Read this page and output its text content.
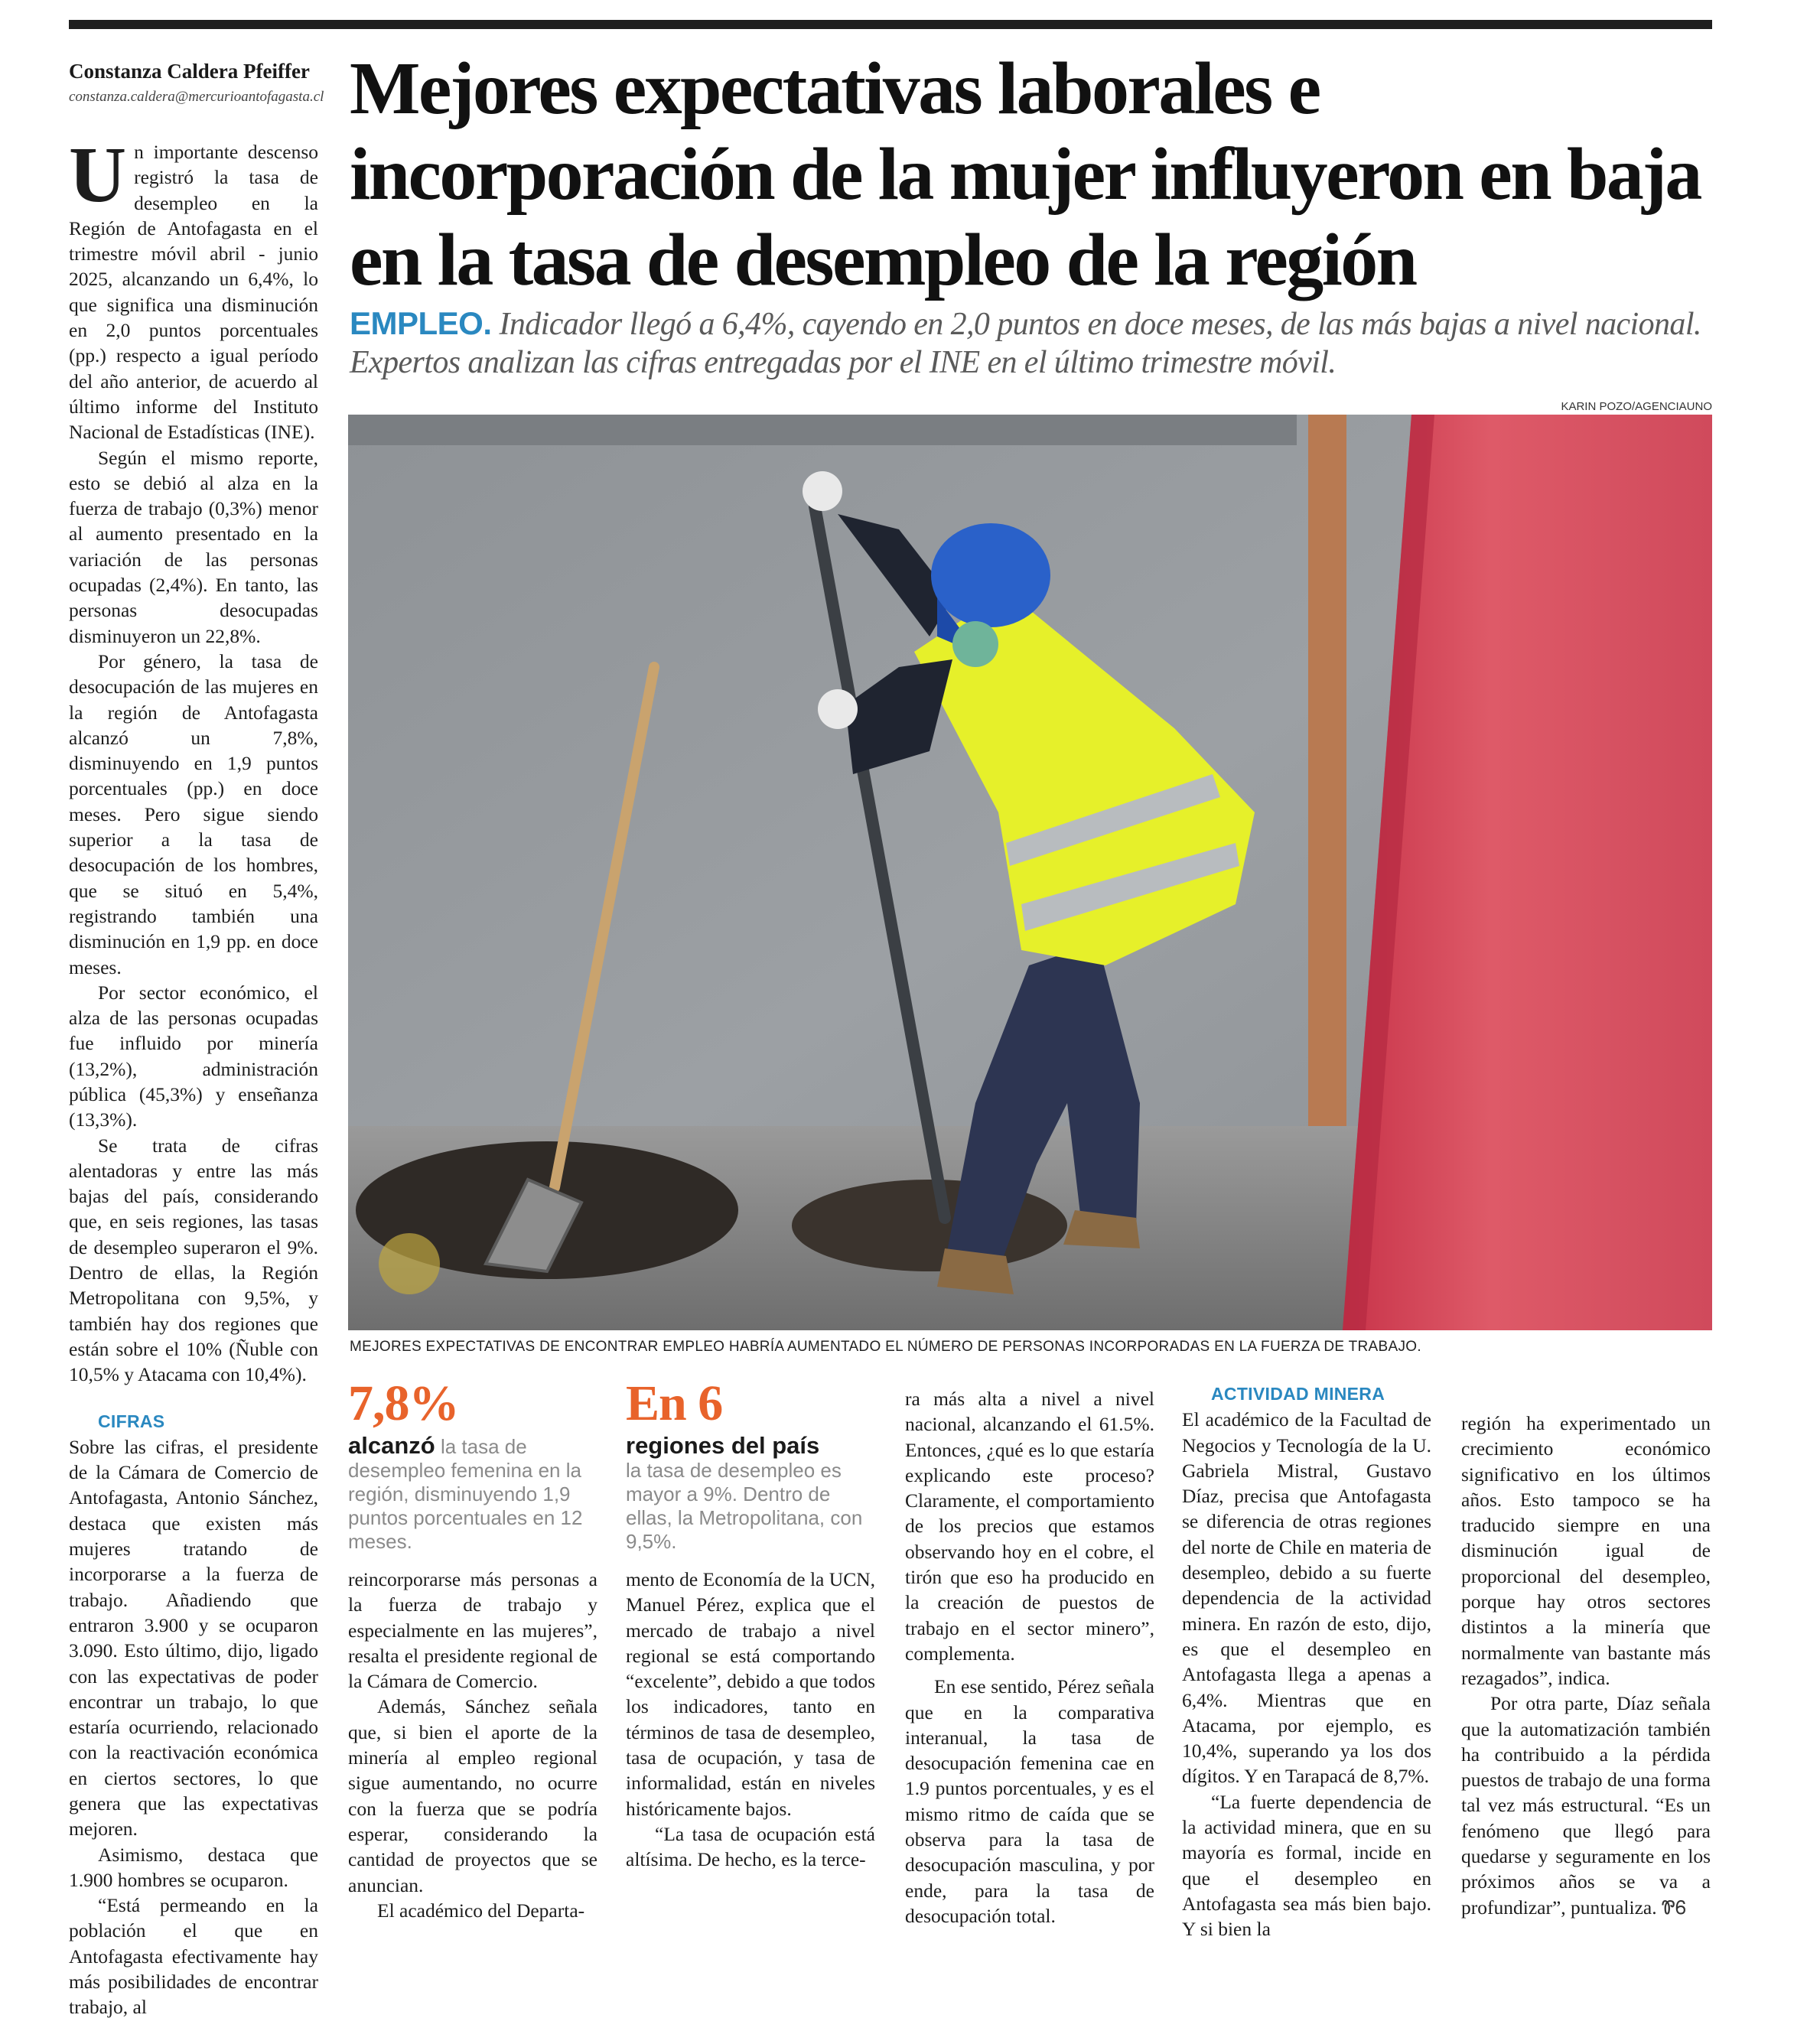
Constanza Caldera Pfeiffer
constanza.caldera@mercurioantofagasta.cl Mejores expectativas laborales e incorporación de la mujer influyeron en baja en la tasa de desempleo de la región

EMPLEO. Indicador llegó a 6,4%, cayendo en 2,0 puntos en doce meses, de las más bajas a nivel nacional. Expertos analizan las cifras entregadas por el INE en el último trimestre móvil.

KARIN POZO/AGENCIAUNO

MEJORES EXPECTATIVAS DE ENCONTRAR EMPLEO HABRÍA AUMENTADO EL NÚMERO DE PERSONAS INCORPORADAS EN LA FUERZA DE TRABAJO.

Un importante descenso registró la tasa de desempleo en la Región de Antofagasta en el trimestre móvil abril - junio 2025, alcanzando un 6,4%, lo que significa una disminución en 2,0 puntos porcentuales (pp.) respecto a igual período del año anterior, de acuerdo al último informe del Instituto Nacional de Estadísticas (INE).

Según el mismo reporte, esto se debió al alza en la fuerza de trabajo (0,3%) menor al aumento presentado en la variación de las personas ocupadas (2,4%). En tanto, las personas desocupadas disminuyeron un 22,8%.

Por género, la tasa de desocupación de las mujeres en la región de Antofagasta alcanzó un 7,8%, disminuyendo en 1,9 puntos porcentuales (pp.) en doce meses. Pero sigue siendo superior a la tasa de desocupación de los hombres, que se situó en 5,4%, registrando también una disminución en 1,9 pp. en doce meses.

Por sector económico, el alza de las personas ocupadas fue influido por minería (13,2%), administración pública (45,3%) y enseñanza (13,3%).

Se trata de cifras alentadoras y entre las más bajas del país, considerando que, en seis regiones, las tasas de desempleo superaron el 9%. Dentro de ellas, la Región Metropolitana con 9,5%, y también hay dos regiones que están sobre el 10% (Ñuble con 10,5% y Atacama con 10,4%).

CIFRAS

Sobre las cifras, el presidente de la Cámara de Comercio de Antofagasta, Antonio Sánchez, destaca que existen más mujeres tratando de incorporarse a la fuerza de trabajo. Añadiendo que entraron 3.900 y se ocuparon 3.090. Esto último, dijo, ligado con las expectativas de poder encontrar un trabajo, lo que estaría ocurriendo, relacionado con la reactivación económica en ciertos sectores, lo que genera que las expectativas mejoren.

Asimismo, destaca que 1.900 hombres se ocuparon.

“Está permeando en la población el que en Antofagasta efectivamente hay más posibilidades de encontrar trabajo, al

7,8%
alcanzó la tasa de desempleo femenina en la región, disminuyendo 1,9 puntos porcentuales en 12 meses.
En 6
regiones del país
la tasa de desempleo es mayor a 9%. Dentro de ellas, la Metropolitana, con 9,5%.

reincorporarse más personas a la fuerza de trabajo y especialmente en las mujeres”, resalta el presidente regional de la Cámara de Comercio.

Además, Sánchez señala que, si bien el aporte de la minería al empleo regional sigue aumentando, no ocurre con la fuerza que se podría esperar, considerando la cantidad de proyectos que se anuncian.

El académico del Departa-

mento de Economía de la UCN, Manuel Pérez, explica que el mercado de trabajo a nivel regional se está comportando “excelente”, debido a que todos los indicadores, tanto en términos de tasa de desempleo, tasa de ocupación, y tasa de informalidad, están en niveles históricamente bajos.

“La tasa de ocupación está altísima. De hecho, es la terce-

ra más alta a nivel a nivel nacional, alcanzando el 61.5%. Entonces, ¿qué es lo que estaría explicando este proceso? Claramente, el comportamiento de los precios que estamos observando hoy en el cobre, el tirón que eso ha producido en la creación de puestos de trabajo en el sector minero”, complementa.

En ese sentido, Pérez señala que en la comparativa interanual, la tasa de desocupación femenina cae en 1.9 puntos porcentuales, y es el mismo ritmo de caída que se observa para la tasa de desocupación masculina, y por ende, para la tasa de desocupación total.

ACTIVIDAD MINERA

El académico de la Facultad de Negocios y Tecnología de la U. Gabriela Mistral, Gustavo Díaz, precisa que Antofagasta se diferencia de otras regiones del norte de Chile en materia de desempleo, debido a su fuerte dependencia de la actividad minera. En razón de esto, dijo, es que el desempleo en Antofagasta llega a apenas a 6,4%. Mientras que en Atacama, por ejemplo, es 10,4%, superando ya los dos dígitos. Y en Tarapacá de 8,7%.

“La fuerte dependencia de la actividad minera, que en su mayoría es formal, incide en que el desempleo en Antofagasta sea más bien bajo. Y si bien la

región ha experimentado un crecimiento económico significativo en los últimos años. Esto tampoco se ha traducido siempre en una disminución igual de proporcional del desempleo, porque hay otros sectores distintos a la minería que normalmente van bastante más rezagados”, indica.

Por otra parte, Díaz señala que la automatización también ha contribuido a la pérdida puestos de trabajo de una forma tal vez más estructural. “Es un fenómeno que llegó para quedarse y seguramente en los próximos años se va a profundizar”, puntualiza. ᏈᏮ
